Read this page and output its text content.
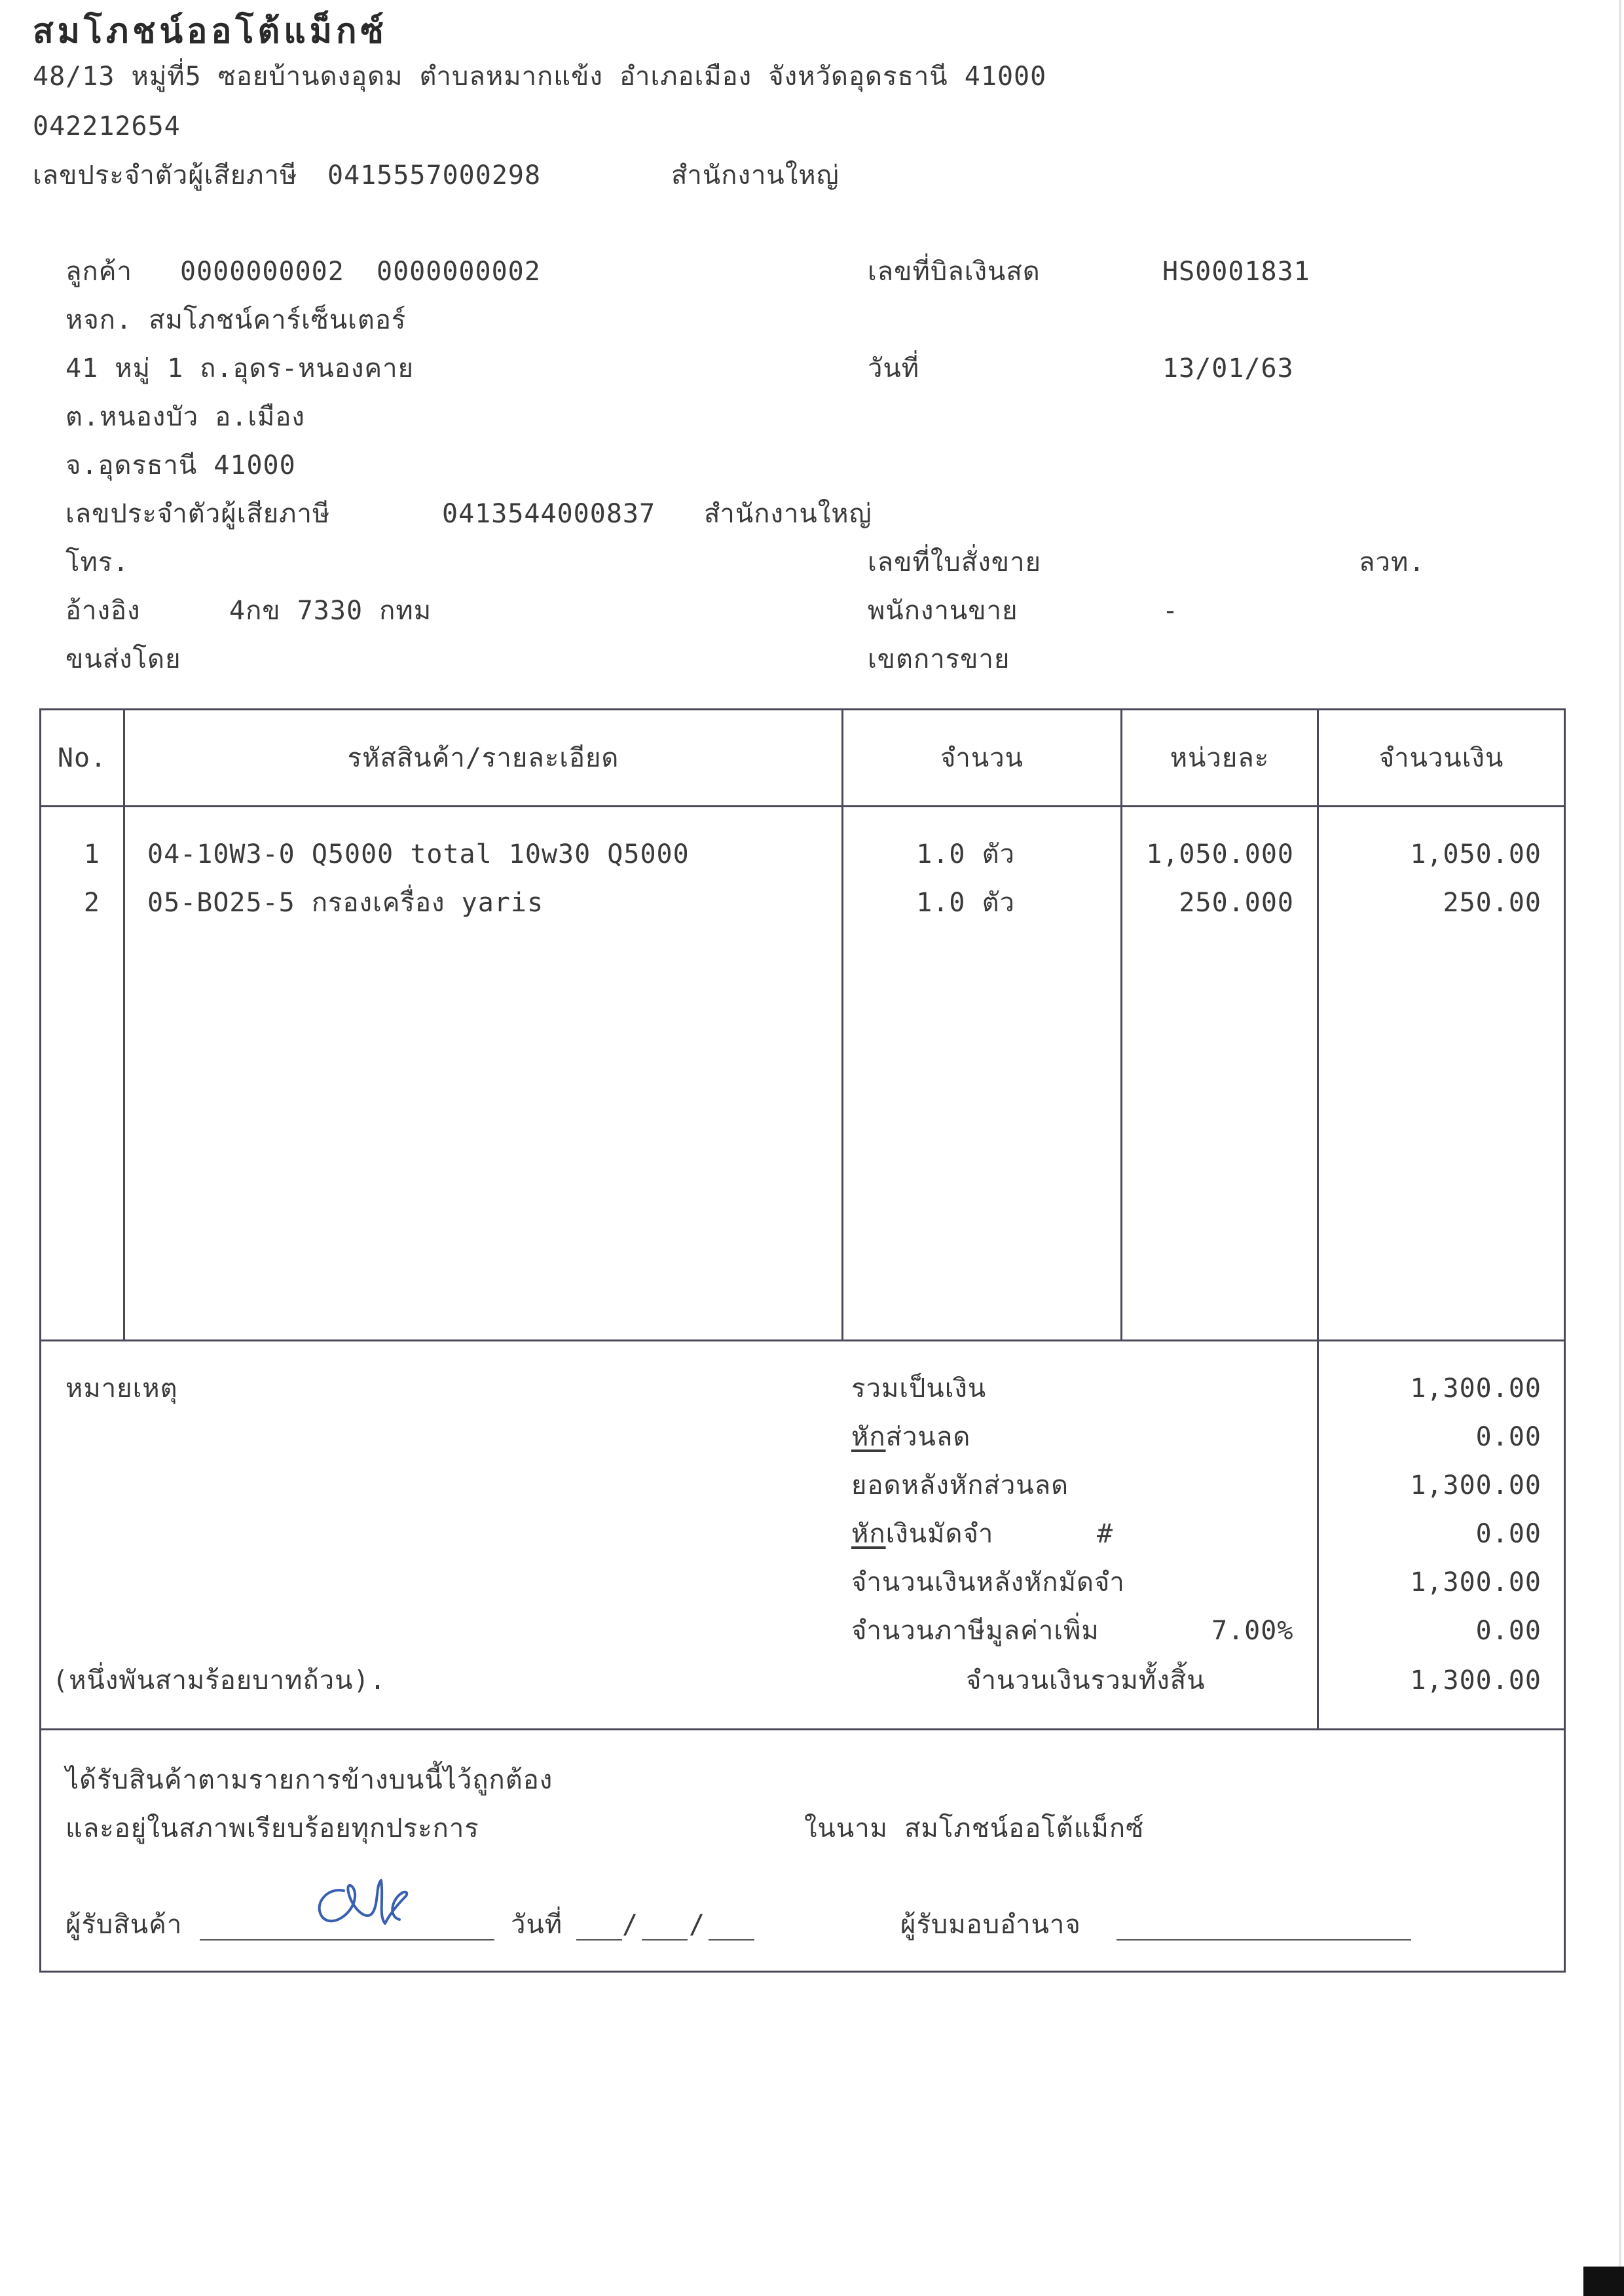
สมโภชน์ออโต้แม็กซ์
48/13 หมู่ที่5 ซอยบ้านดงอุดม ตำบลหมากแข้ง อำเภอเมือง จังหวัดอุดรธานี 41000
042212654
เลขประจำตัวผู้เสียภาษี 0415557000298	สำนักงานใหญ่
ลูกค้า 0000000002 0000000002
หจก. สมโภชน์คาร์เซ็นเตอร์
41 หมู่ 1 ถ.อุดร-หนองคาย
ต.หนองบัว อ.เมือง
จ.อุดรธานี 41000
เลขประจำตัวผู้เสียภาษี	0413544000837 สำนักงานใหญ่
โทร.
อ้างอิง	4กข 7330 กทม
ขนส่งโดย
เลขที่บิลเงินสด	HS0001831
วันที่	13/01/63
เลขที่ใบสั่งขาย	ลวท.
พนักงานขาย	-
เขตการขาย
No.	รหัสสินค้า/รายละเอียด	จำนวน	หน่วยละ	จำนวนเงิน
1 04-10W3-0 Q5000 total 10w30 Q5000	1.0 ตัว	1,050.000	1,050.00
2 05-BO25-5 กรองเครื่อง yaris	1.0 ตัว	250.000	250.00
หมายเหตุ	รวมเป็นเงิน	1,300.00
หักส่วนลด	0.00
ยอดหลังหักส่วนลด	1,300.00
หักเงินมัดจำ	#	0.00
จำนวนเงินหลังหักมัดจำ	1,300.00
จำนวนภาษีมูลค่าเพิ่ม	7.00%	0.00
(หนึ่งพันสามร้อยบาทถ้วน).	จำนวนเงินรวมทั้งสิ้น	1,300.00
ได้รับสินค้าตามรายการข้างบนนี้ไว้ถูกต้อง
และอยู่ในสภาพเรียบร้อยทุกประการ	ในนาม สมโภชน์ออโต้แม็กซ์
ผู้รับสินค้า	วันที่ / /	ผู้รับมอบอำนาจ
